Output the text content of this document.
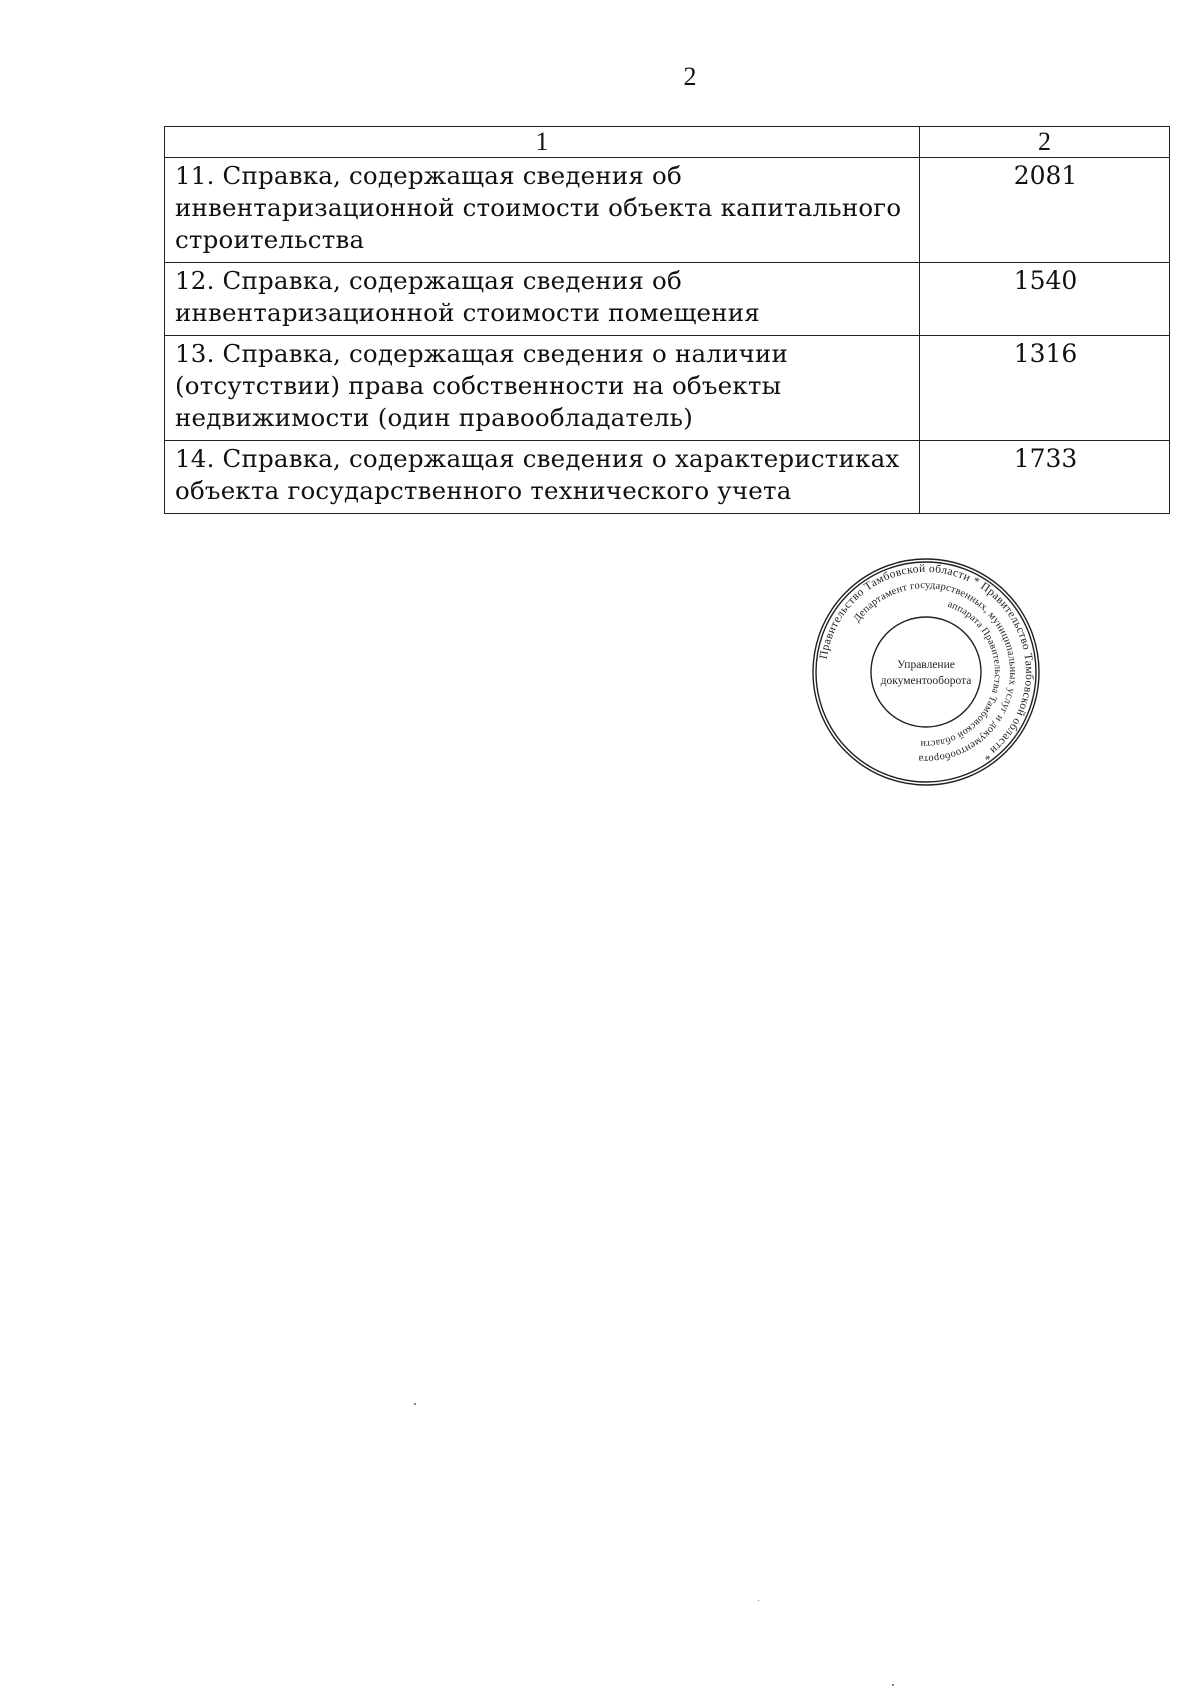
2
1	2
11. Справка, содержащая сведения об инвентаризационной стоимости объекта капитального строительства	2081
12. Справка, содержащая сведения об инвентаризационной стоимости помещения	1540
13. Справка, содержащая сведения о наличии (отсутствии) права собственности на объекты недвижимости (один правообладатель)	1316
14. Справка, содержащая сведения о характеристиках объекта государственного технического учета	1733
Правительство Тамбовской области * Правительство Тамбовской области *
Департамент государственных, муниципальных услуг и документооборота
аппарата Правительства Тамбовской области
Управление
документооборота
